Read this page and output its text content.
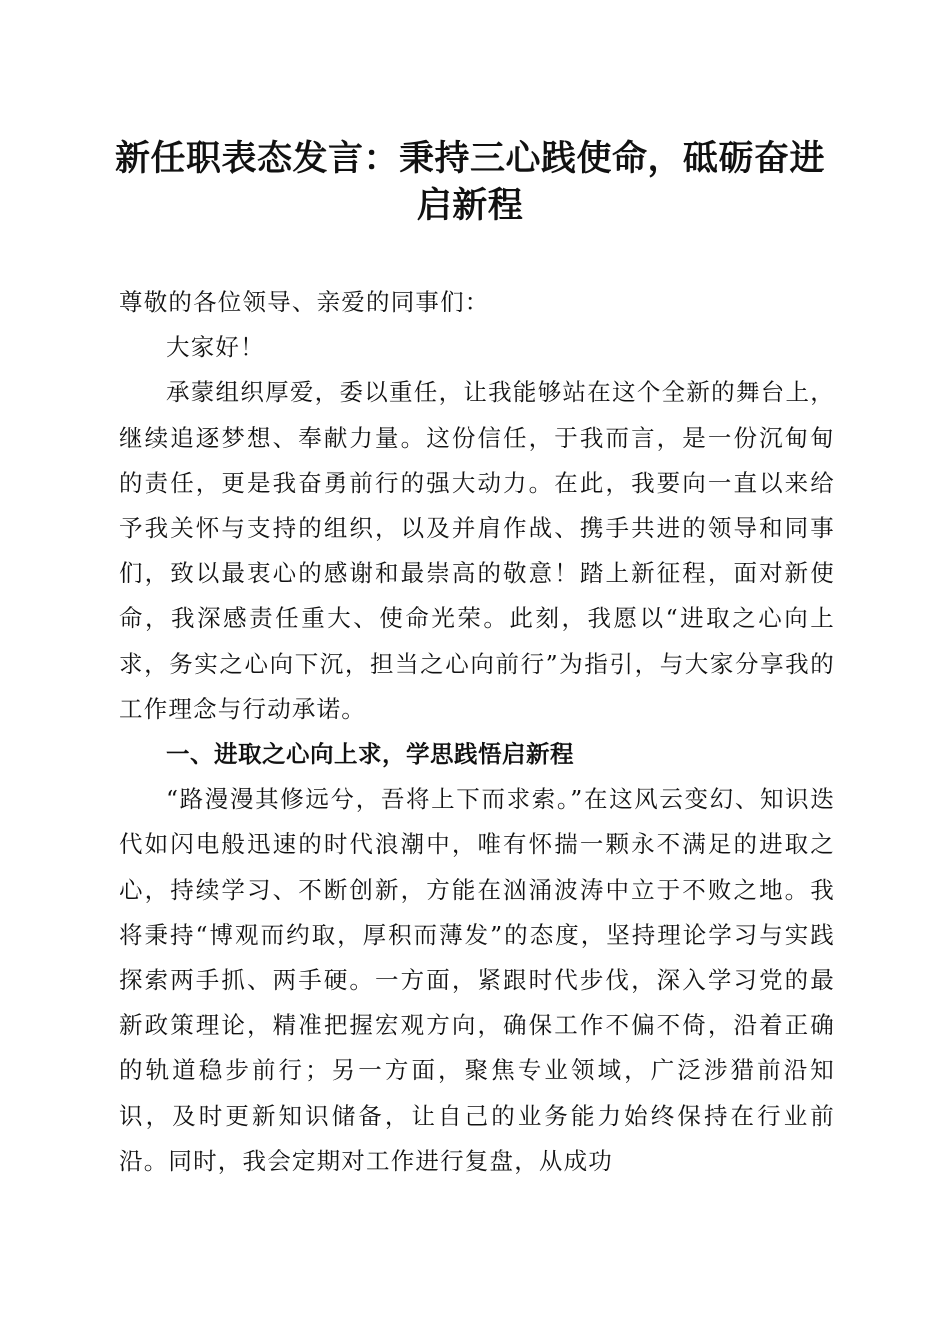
新任职表态发言：秉持三心践使命，砥砺奋进启新程

尊敬的各位领导、亲爱的同事们：

大家好！

承蒙组织厚爱，委以重任，让我能够站在这个全新的舞台上，继续追逐梦想、奉献力量。这份信任，于我而言，是一份沉甸甸的责任，更是我奋勇前行的强大动力。在此，我要向一直以来给予我关怀与支持的组织，以及并肩作战、携手共进的领导和同事们，致以最衷心的感谢和最崇高的敬意！踏上新征程，面对新使命，我深感责任重大、使命光荣。此刻，我愿以“进取之心向上求，务实之心向下沉，担当之心向前行”为指引，与大家分享我的工作理念与行动承诺。

一、进取之心向上求，学思践悟启新程

“路漫漫其修远兮，吾将上下而求索。”在这风云变幻、知识迭代如闪电般迅速的时代浪潮中，唯有怀揣一颗永不满足的进取之心，持续学习、不断创新，方能在汹涌波涛中立于不败之地。我将秉持“博观而约取，厚积而薄发”的态度，坚持理论学习与实践探索两手抓、两手硬。一方面，紧跟时代步伐，深入学习党的最新政策理论，精准把握宏观方向，确保工作不偏不倚，沿着正确的轨道稳步前行；另一方面，聚焦专业领域，广泛涉猎前沿知识，及时更新知识储备，让自己的业务能力始终保持在行业前沿。同时，我会定期对工作进行复盘，从成功
